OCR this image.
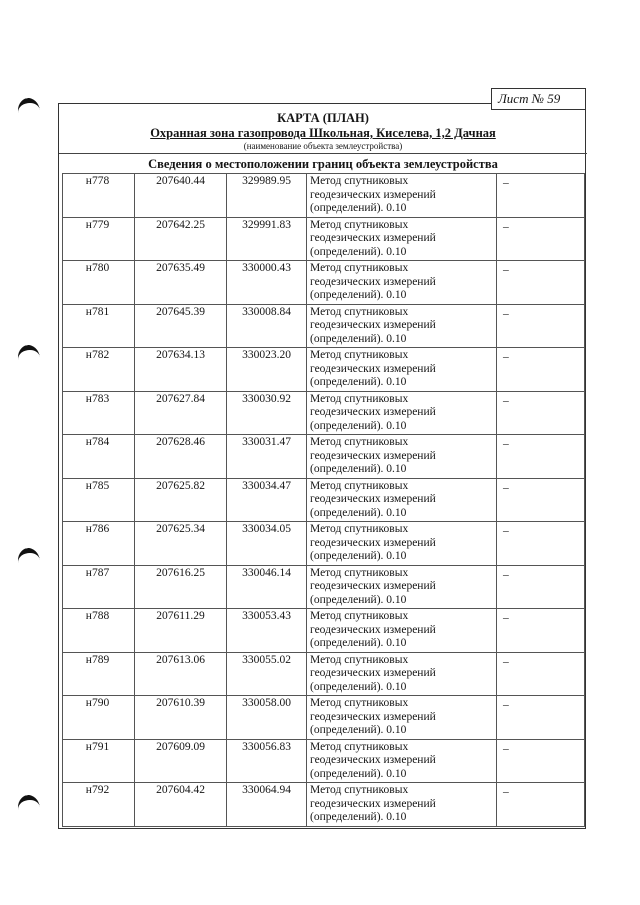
Лист № 59
КАРТА (ПЛАН)
Охранная зона газопровода Школьная, Киселева, 1,2 Дачная
(наименование объекта землеустройства)
Сведения о местоположении границ объекта землеустройства
н778	207640.44	329989.95	Метод спутниковых
геодезических измерений
(определений). 0.10	–
н779	207642.25	329991.83	Метод спутниковых
геодезических измерений
(определений). 0.10	–
н780	207635.49	330000.43	Метод спутниковых
геодезических измерений
(определений). 0.10	–
н781	207645.39	330008.84	Метод спутниковых
геодезических измерений
(определений). 0.10	–
н782	207634.13	330023.20	Метод спутниковых
геодезических измерений
(определений). 0.10	–
н783	207627.84	330030.92	Метод спутниковых
геодезических измерений
(определений). 0.10	–
н784	207628.46	330031.47	Метод спутниковых
геодезических измерений
(определений). 0.10	–
н785	207625.82	330034.47	Метод спутниковых
геодезических измерений
(определений). 0.10	–
н786	207625.34	330034.05	Метод спутниковых
геодезических измерений
(определений). 0.10	–
н787	207616.25	330046.14	Метод спутниковых
геодезических измерений
(определений). 0.10	–
н788	207611.29	330053.43	Метод спутниковых
геодезических измерений
(определений). 0.10	–
н789	207613.06	330055.02	Метод спутниковых
геодезических измерений
(определений). 0.10	–
н790	207610.39	330058.00	Метод спутниковых
геодезических измерений
(определений). 0.10	–
н791	207609.09	330056.83	Метод спутниковых
геодезических измерений
(определений). 0.10	–
н792	207604.42	330064.94	Метод спутниковых
геодезических измерений
(определений). 0.10	–
